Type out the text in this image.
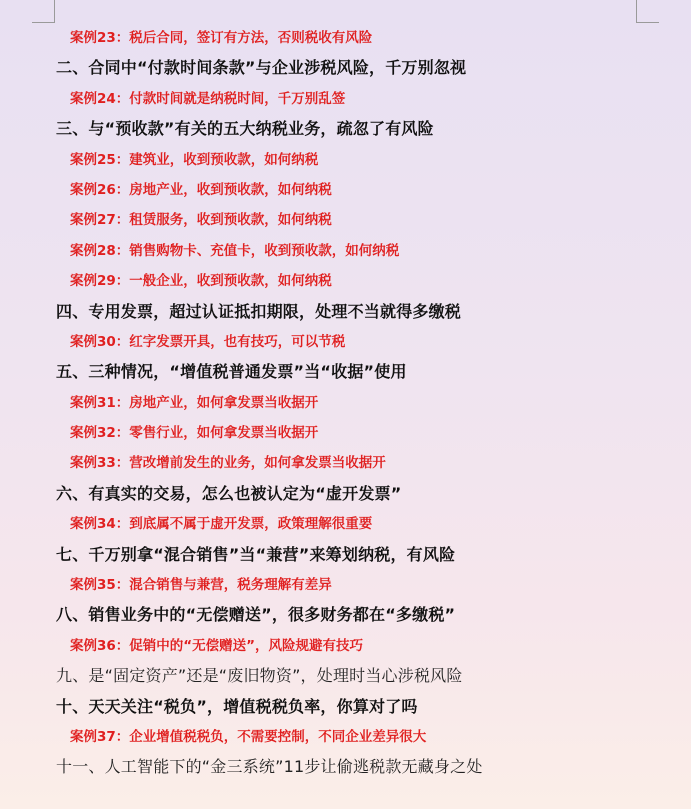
案例23：税后合同，签订有方法，否则税收有风险
二、合同中“付款时间条款”与企业涉税风险，千万别忽视
案例24：付款时间就是纳税时间，千万别乱签
三、与“预收款”有关的五大纳税业务，疏忽了有风险
案例25：建筑业，收到预收款，如何纳税
案例26：房地产业，收到预收款，如何纳税
案例27：租赁服务，收到预收款，如何纳税
案例28：销售购物卡、充值卡，收到预收款，如何纳税
案例29：一般企业，收到预收款，如何纳税
四、专用发票，超过认证抵扣期限，处理不当就得多缴税
案例30：红字发票开具，也有技巧，可以节税
五、三种情况，“增值税普通发票”当“收据”使用
案例31：房地产业，如何拿发票当收据开
案例32：零售行业，如何拿发票当收据开
案例33：营改增前发生的业务，如何拿发票当收据开
六、有真实的交易，怎么也被认定为“虚开发票”
案例34：到底属不属于虚开发票，政策理解很重要
七、千万别拿“混合销售”当“兼营”来筹划纳税，有风险
案例35：混合销售与兼营，税务理解有差异
八、销售业务中的“无偿赠送”，很多财务都在“多缴税”
案例36：促销中的“无偿赠送”，风险规避有技巧
九、是“固定资产”还是“废旧物资”，处理时当心涉税风险
十、天天关注“税负”，增值税税负率，你算对了吗
案例37：企业增值税税负，不需要控制，不同企业差异很大
十一、人工智能下的“金三系统”11步让偷逃税款无藏身之处
